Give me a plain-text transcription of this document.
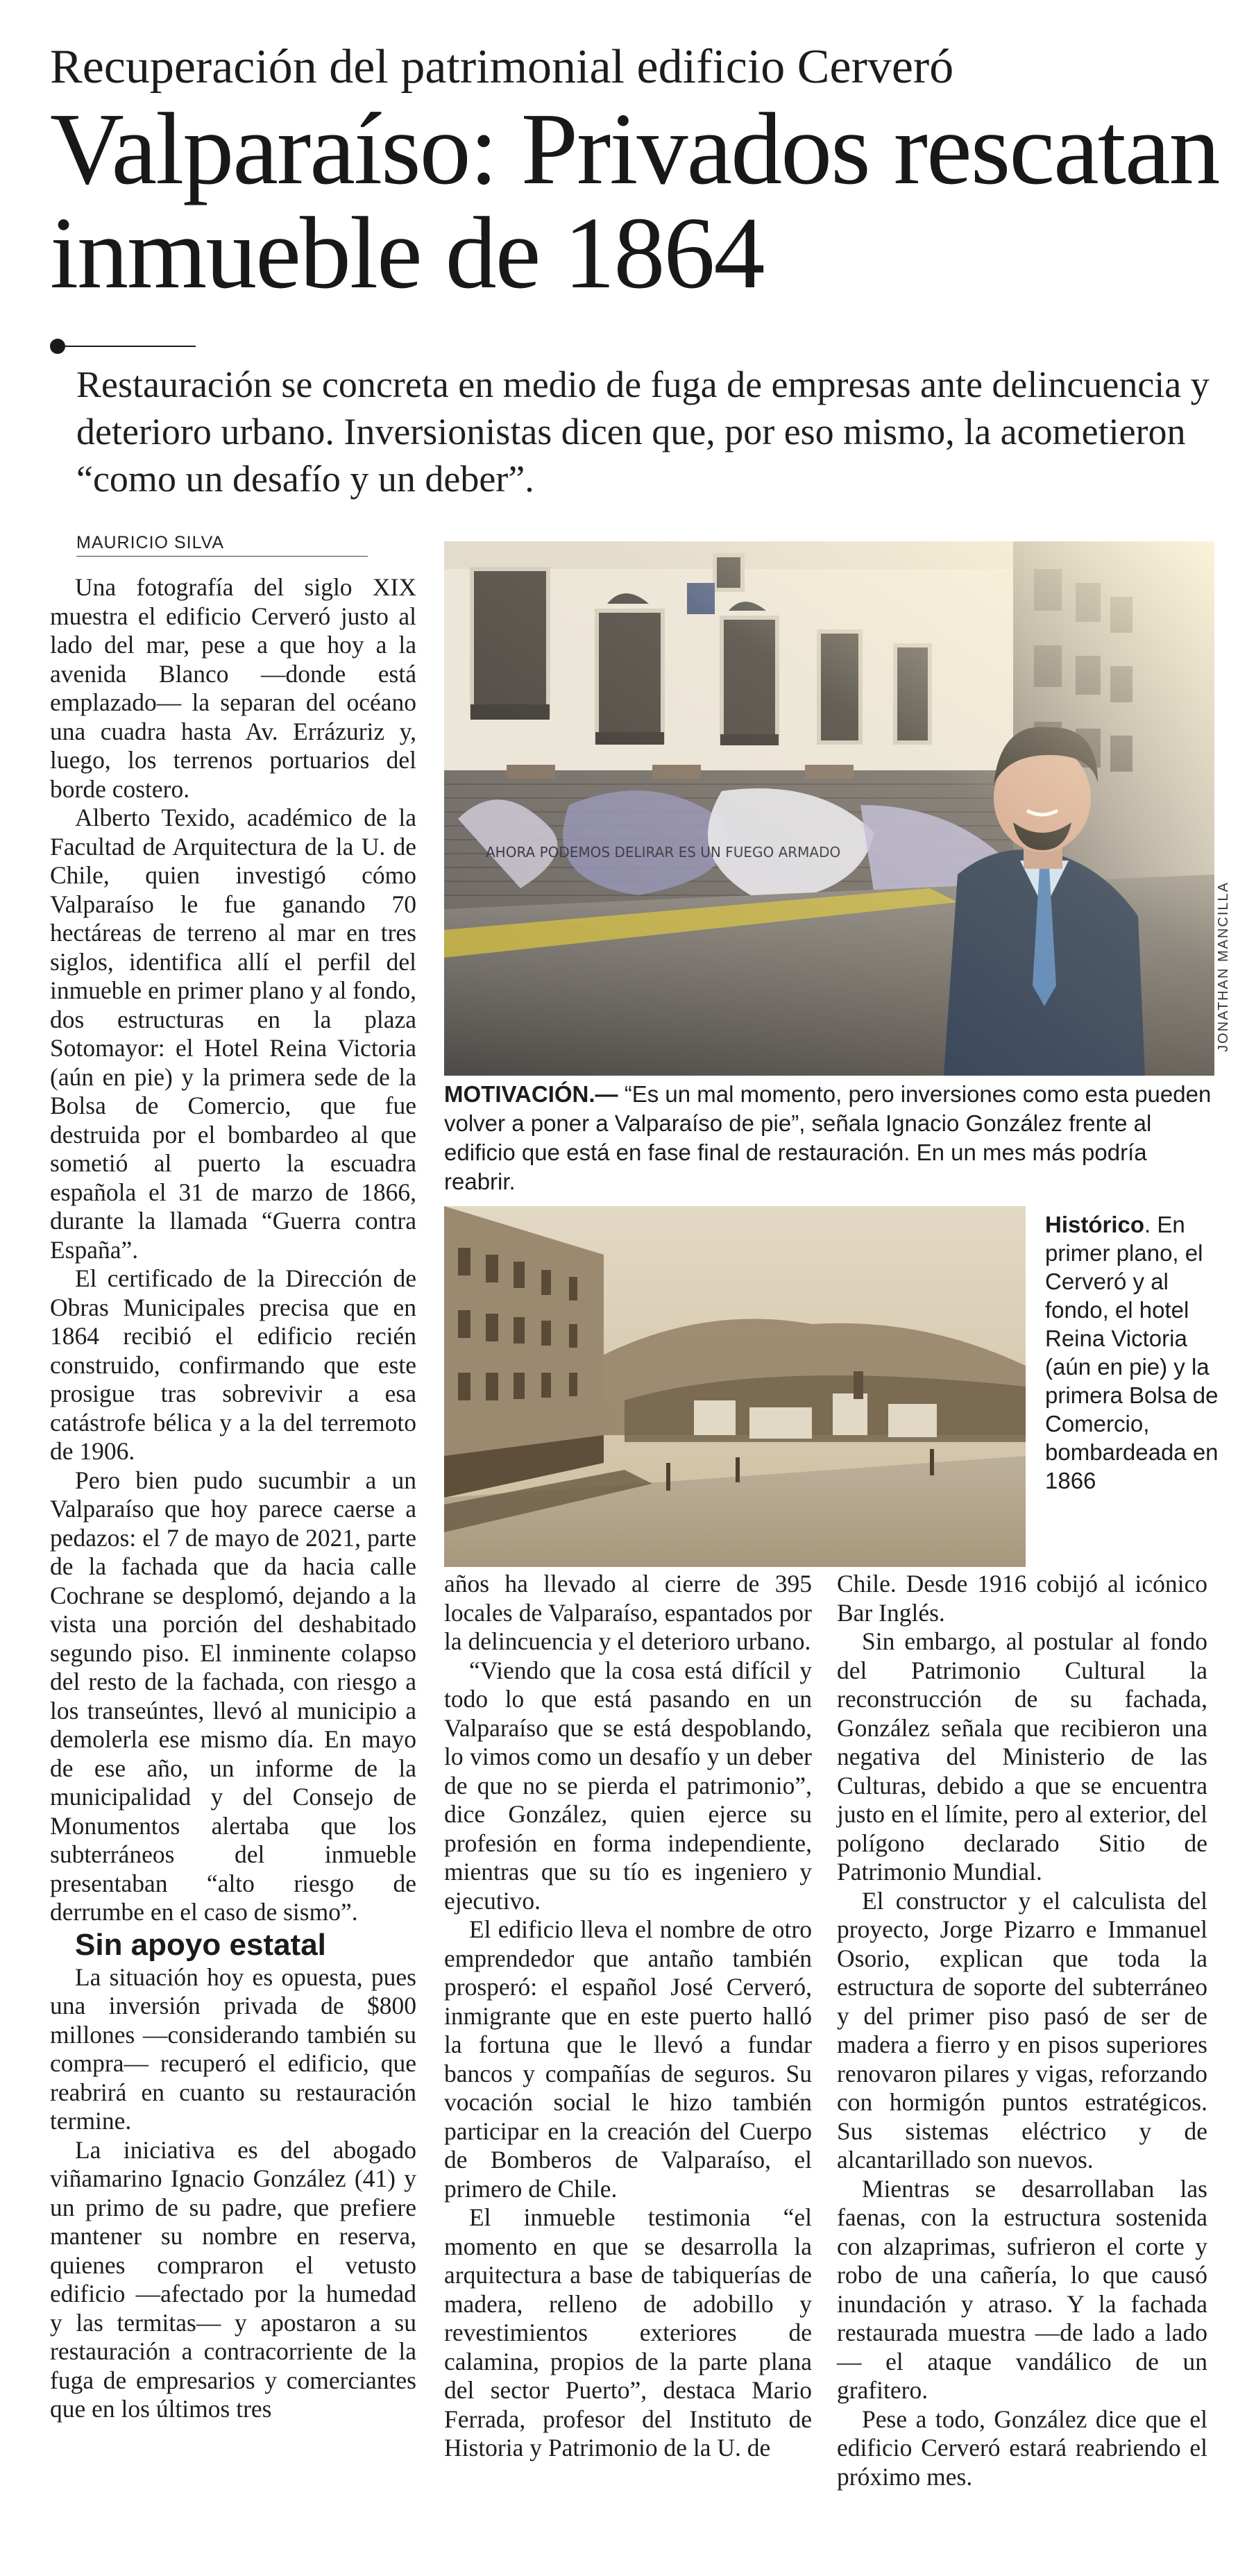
Recuperación del patrimonial edificio Cerveró
Valparaíso: Privados rescatan inmueble de 1864
Restauración se concreta en medio de fuga de empresas ante delincuencia y deterioro urbano. Inversionistas dicen que, por eso mismo, la acometieron “como un desafío y un deber”.
MAURICIO SILVA
JONATHAN MANCILLA
MOTIVACIÓN.— “Es un mal momento, pero inversiones como esta pueden volver a poner a Valparaíso de pie”, señala Ignacio González frente al edificio que está en fase final de restauración. En un mes más podría reabrir.
Histórico. En primer plano, el Cerveró y al fondo, el hotel Reina Victoria (aún en pie) y la primera Bolsa de Comercio, bombardeada en 1866

Una fotografía del siglo XIX muestra el edificio Cerveró justo al lado del mar, pese a que hoy a la avenida Blanco —donde está emplazado— la separan del océano una cuadra hasta Av. Errázuriz y, luego, los terrenos portuarios del borde costero.

Alberto Texido, académico de la Facultad de Arquitectura de la U. de Chile, quien investigó cómo Valparaíso le fue ganando 70 hectáreas de terreno al mar en tres siglos, identifica allí el perfil del inmueble en primer plano y al fondo, dos estructuras en la plaza Sotomayor: el Hotel Reina Victoria (aún en pie) y la primera sede de la Bolsa de Comercio, que fue destruida por el bombardeo al que sometió al puerto la escuadra española el 31 de marzo de 1866, durante la llamada “Guerra contra España”.

El certificado de la Dirección de Obras Municipales precisa que en 1864 recibió el edificio recién construido, confirmando que este prosigue tras sobrevivir a esa catástrofe bélica y a la del terremoto de 1906.

Pero bien pudo sucumbir a un Valparaíso que hoy parece caerse a pedazos: el 7 de mayo de 2021, parte de la fachada que da hacia calle Cochrane se desplomó, dejando a la vista una porción del deshabitado segundo piso. El inminente colapso del resto de la fachada, con riesgo a los transeúntes, llevó al municipio a demolerla ese mismo día. En mayo de ese año, un informe de la municipalidad y del Consejo de Monumentos alertaba que los subterráneos del inmueble presentaban “alto riesgo de derrumbe en el caso de sismo”.

Sin apoyo estatal

La situación hoy es opuesta, pues una inversión privada de $800 millones —considerando también su compra— recuperó el edificio, que reabrirá en cuanto su restauración termine.

La iniciativa es del abogado viñamarino Ignacio González (41) y un primo de su padre, que prefiere mantener su nombre en reserva, quienes compraron el vetusto edificio —afectado por la humedad y las termitas— y apostaron a su restauración a contracorriente de la fuga de empresarios y comerciantes que en los últimos tres

años ha llevado al cierre de 395 locales de Valparaíso, espantados por la delincuencia y el deterioro urbano.

“Viendo que la cosa está difícil y todo lo que está pasando en un Valparaíso que se está despoblando, lo vimos como un desafío y un deber de que no se pierda el patrimonio”, dice González, quien ejerce su profesión en forma independiente, mientras que su tío es ingeniero y ejecutivo.

El edificio lleva el nombre de otro emprendedor que antaño también prosperó: el español José Cerveró, inmigrante que en este puerto halló la fortuna que le llevó a fundar bancos y compañías de seguros. Su vocación social le hizo también participar en la creación del Cuerpo de Bomberos de Valparaíso, el primero de Chile.

El inmueble testimonia “el momento en que se desarrolla la arquitectura a base de tabiquerías de madera, relleno de adobillo y revestimientos exteriores de calamina, propios de la parte plana del sector Puerto”, destaca Mario Ferrada, profesor del Instituto de Historia y Patrimonio de la U. de

Chile. Desde 1916 cobijó al icónico Bar Inglés.

Sin embargo, al postular al fondo del Patrimonio Cultural la reconstrucción de su fachada, González señala que recibieron una negativa del Ministerio de las Culturas, debido a que se encuentra justo en el límite, pero al exterior, del polígono declarado Sitio de Patrimonio Mundial.

El constructor y el calculista del proyecto, Jorge Pizarro e Immanuel Osorio, explican que toda la estructura de soporte del subterráneo y del primer piso pasó de ser de madera a fierro y en pisos superiores renovaron pilares y vigas, reforzando con hormigón puntos estratégicos. Sus sistemas eléctrico y de alcantarillado son nuevos.

Mientras se desarrollaban las faenas, con la estructura sostenida con alzaprimas, sufrieron el corte y robo de una cañería, lo que causó inundación y atraso. Y la fachada restaurada muestra —de lado a lado— el ataque vandálico de un grafitero.

Pese a todo, González dice que el edificio Cerveró estará reabriendo el próximo mes.
